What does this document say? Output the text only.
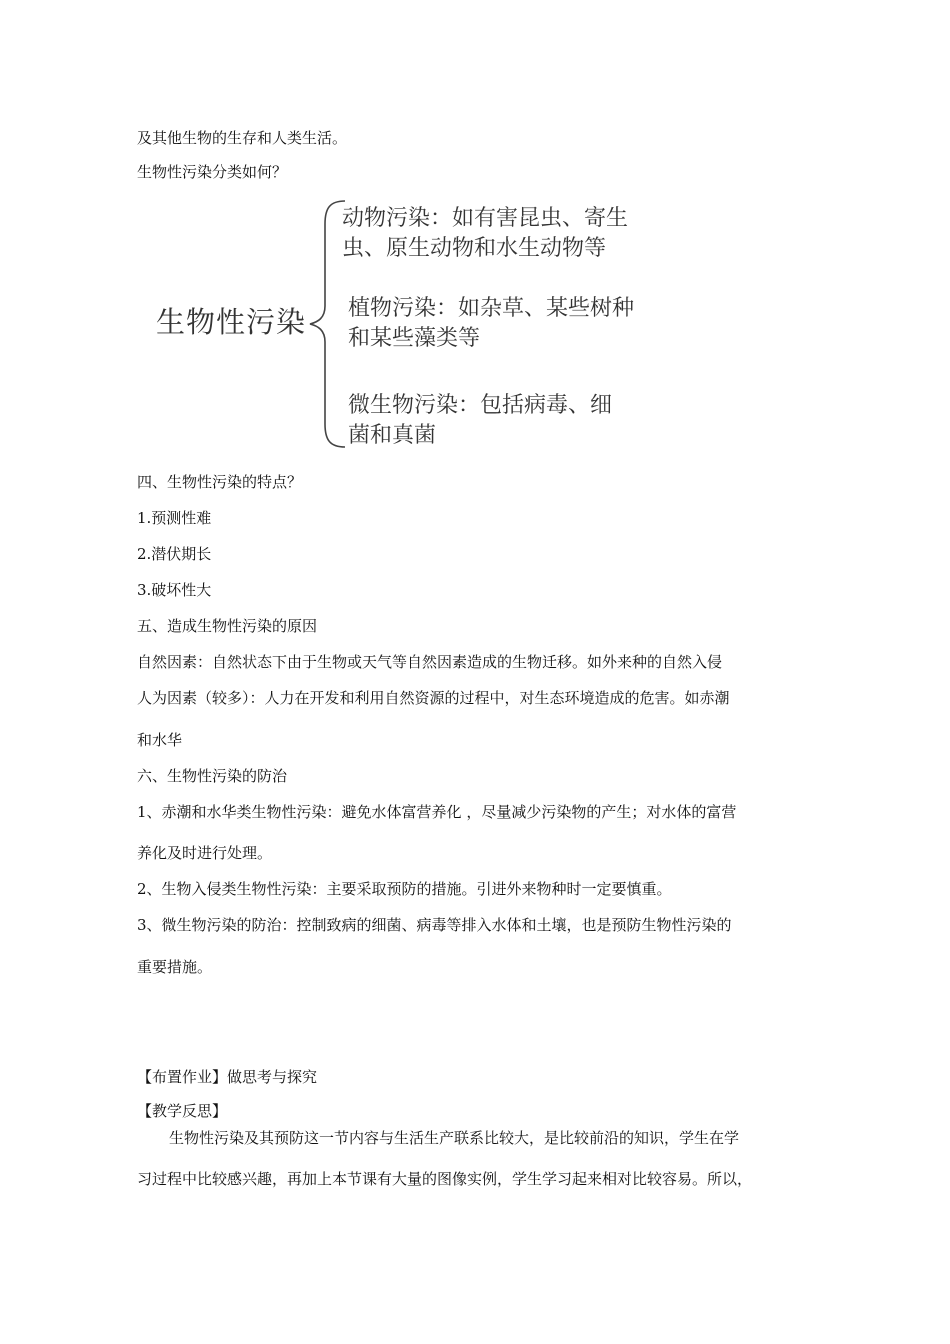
及其他生物的生存和人类生活。
生物性污染分类如何？
生物性污染
动物污染：如有害昆虫、寄生
虫、原生动物和水生动物等
植物污染：如杂草、某些树种
和某些藻类等
微生物污染：包括病毒、细
菌和真菌
四、生物性污染的特点？
1.预测性难
2.潜伏期长
3.破坏性大
五、造成生物性污染的原因
自然因素：自然状态下由于生物或天气等自然因素造成的生物迁移。如外来种的自然入侵
人为因素（较多）：人力在开发和利用自然资源的过程中，对生态环境造成的危害。如赤潮
和水华
六、生物性污染的防治
1、赤潮和水华类生物性污染：避免水体富营养化 ，尽量减少污染物的产生；对水体的富营
养化及时进行处理。
2、生物入侵类生物性污染：主要采取预防的措施。引进外来物种时一定要慎重。
3、微生物污染的防治：控制致病的细菌、病毒等排入水体和土壤，也是预防生物性污染的
重要措施。
【布置作业】做思考与探究
【教学反思】
生物性污染及其预防这一节内容与生活生产联系比较大，是比较前沿的知识，学生在学
习过程中比较感兴趣，再加上本节课有大量的图像实例，学生学习起来相对比较容易。所以，
